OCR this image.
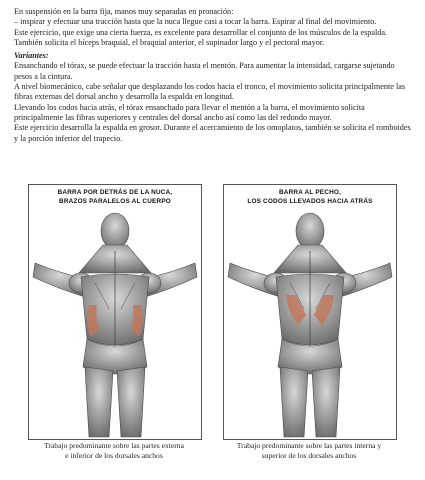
En suspensión en la barra fija, manos muy separadas en pronación:

– inspirar y efectuar una tracción hasta que la nuca llegue casi a tocar la barra. Espirar al final del movimiento.

Este ejercicio, que exige una cierta fuerza, es excelente para desarrollar el conjunto de los músculos de la espalda. También solicita el bíceps braquial, el braquial anterior, el supinador largo y el pectoral mayor.

Variantes:

Ensanchando el tórax, se puede efectuar la tracción hasta el mentón. Para aumentar la intensidad, cargarse sujetando pesos a la cintura.

A nivel biomecánico, cabe señalar que desplazando los codos hacia el tronco, el movimiento solicita principalmente las fibras externas del dorsal ancho y desarrolla la espalda en longitud.

Llevando los codos hacia atrás, el tórax ensanchado para llevar el mentón a la barra, el movimiento solicita principalmente las fibras superiores y centrales del dorsal ancho así como las del redondo mayor.

Este ejercicio desarrolla la espalda en grosor. Durante el acercamiento de los omoplatos, también se solicita el romboides y la porción inferior del trapecio.

BARRA POR DETRÁS DE LA NUCA,
BRAZOS PARALELOS AL CUERPO
BARRA AL PECHO,
LOS CODOS LLEVADOS HACIA ATRÁS
Trabajo predominante sobre las partes externa
e inferior de los dorsales anchos
Trabajo predominante sobre las partes interna y
superior de los dorsales anchos
